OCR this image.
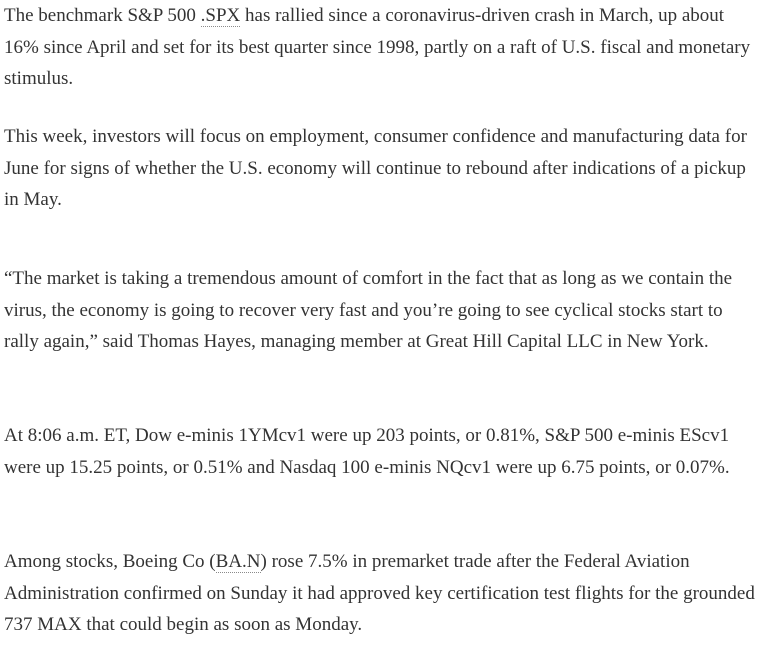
The benchmark S&P 500 .SPX has rallied since a coronavirus-driven crash in March, up about 16% since April and set for its best quarter since 1998, partly on a raft of U.S. fiscal and monetary stimulus.

This week, investors will focus on employment, consumer confidence and manufacturing data for June for signs of whether the U.S. economy will continue to rebound after indications of a pickup in May.

“The market is taking a tremendous amount of comfort in the fact that as long as we contain the virus, the economy is going to recover very fast and you’re going to see cyclical stocks start to rally again,” said Thomas Hayes, managing member at Great Hill Capital LLC in New York.

At 8:06 a.m. ET, Dow e-minis 1YMcv1 were up 203 points, or 0.81%, S&P 500 e-minis EScv1 were up 15.25 points, or 0.51% and Nasdaq 100 e-minis NQcv1 were up 6.75 points, or 0.07%.

Among stocks, Boeing Co (BA.N) rose 7.5% in premarket trade after the Federal Aviation Administration confirmed on Sunday it had approved key certification test flights for the grounded 737 MAX that could begin as soon as Monday.
